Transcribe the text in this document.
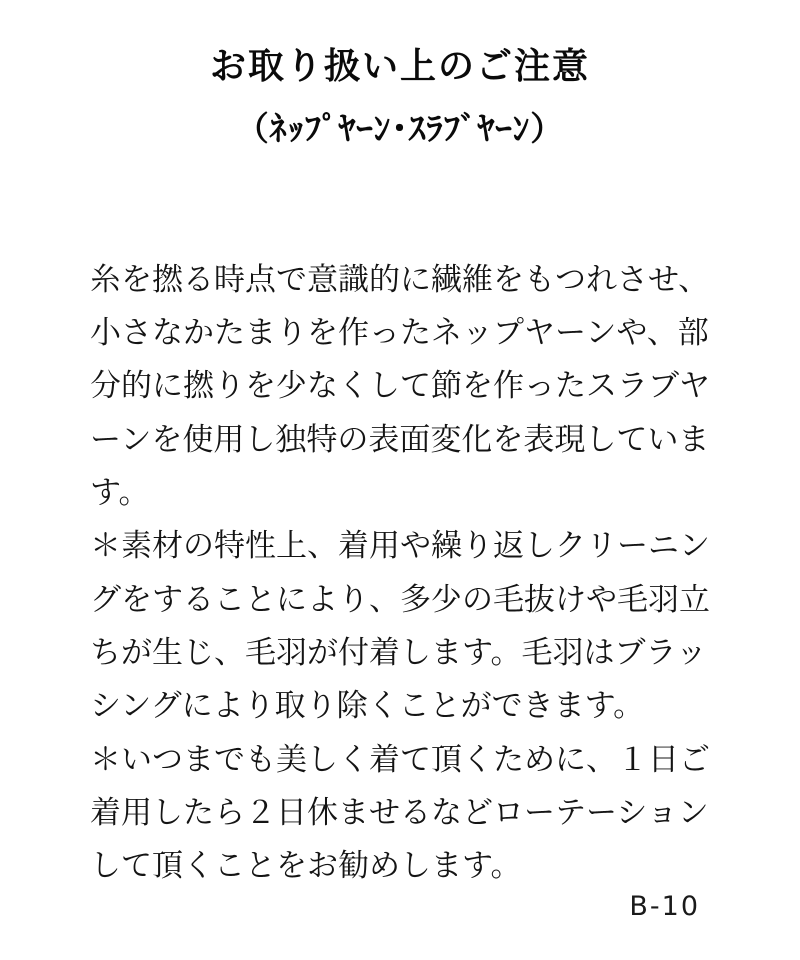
お取り扱い上のご注意
（ﾈｯﾌﾟﾔｰﾝ･ｽﾗﾌﾞﾔｰﾝ）

糸を撚る時点で意識的に繊維をもつれさせ、小さなかたまりを作ったネップヤーンや、部分的に撚りを少なくして節を作ったスラブヤーンを使用し独特の表面変化を表現しています。

＊素材の特性上、着用や繰り返しクリーニングをすることにより、多少の毛抜けや毛羽立ちが生じ、毛羽が付着します。毛羽はブラッシングにより取り除くことができます。

＊いつまでも美しく着て頂くために、１日ご着用したら２日休ませるなどローテーションして頂くことをお勧めします。

B-10
